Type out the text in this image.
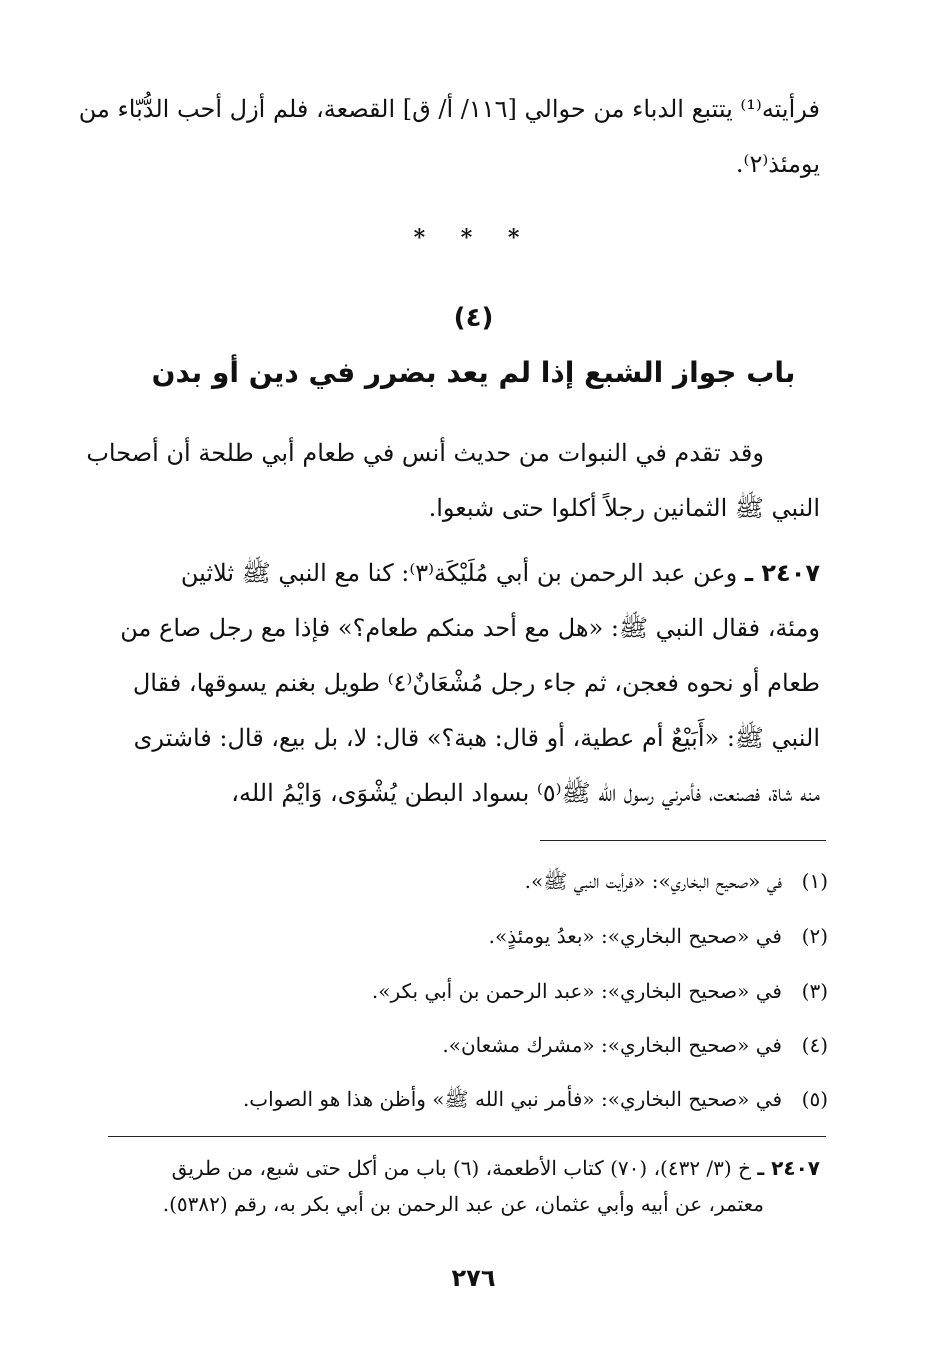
فرأيته⁽¹⁾ يتتبع الدباء من حوالي [١١٦/ أ/ ق] القصعة، فلم أزل أحب الدُّبّاء من
يومئذ⁽٢⁾.
* * *
(٤)
باب جواز الشبع إذا لم يعد بضرر في دين أو بدن
وقد تقدم في النبوات من حديث أنس في طعام أبي طلحة أن أصحاب
النبي ﷺ الثمانين رجلاً أكلوا حتى شبعوا.
٢٤٠٧ ـ وعن عبد الرحمن بن أبي مُلَيْكَة⁽٣⁾: كنا مع النبي ﷺ ثلاثين
ومئة، فقال النبي ﷺ: «هل مع أحد منكم طعام؟» فإذا مع رجل صاع من
طعام أو نحوه فعجن، ثم جاء رجل مُشْعَانٌ⁽٤⁾ طويل بغنم يسوقها، فقال
النبي ﷺ: «أَبَيْعٌ أم عطية، أو قال: هبة؟» قال: لا، بل بيع، قال: فاشترى
منه شاة، فصنعت، فأمرني رسول الله ﷺ⁽٥⁾ بسواد البطن يُشْوَى، وَايْمُ الله،
(١)في «صحيح البخاري»: «فرأيت النبي ﷺ».
(٢)في «صحيح البخاري»: «بعدُ يومئذٍ».
(٣)في «صحيح البخاري»: «عبد الرحمن بن أبي بكر».
(٤)في «صحيح البخاري»: «مشرك مشعان».
(٥)في «صحيح البخاري»: «فأمر نبي الله ﷺ» وأظن هذا هو الصواب.
٢٤٠٧ ـ خ (٣/ ٤٣٢)، (٧٠) كتاب الأطعمة، (٦) باب من أكل حتى شبع، من طريق
معتمر، عن أبيه وأبي عثمان، عن عبد الرحمن بن أبي بكر به، رقم (٥٣٨٢).
٢٧٦
